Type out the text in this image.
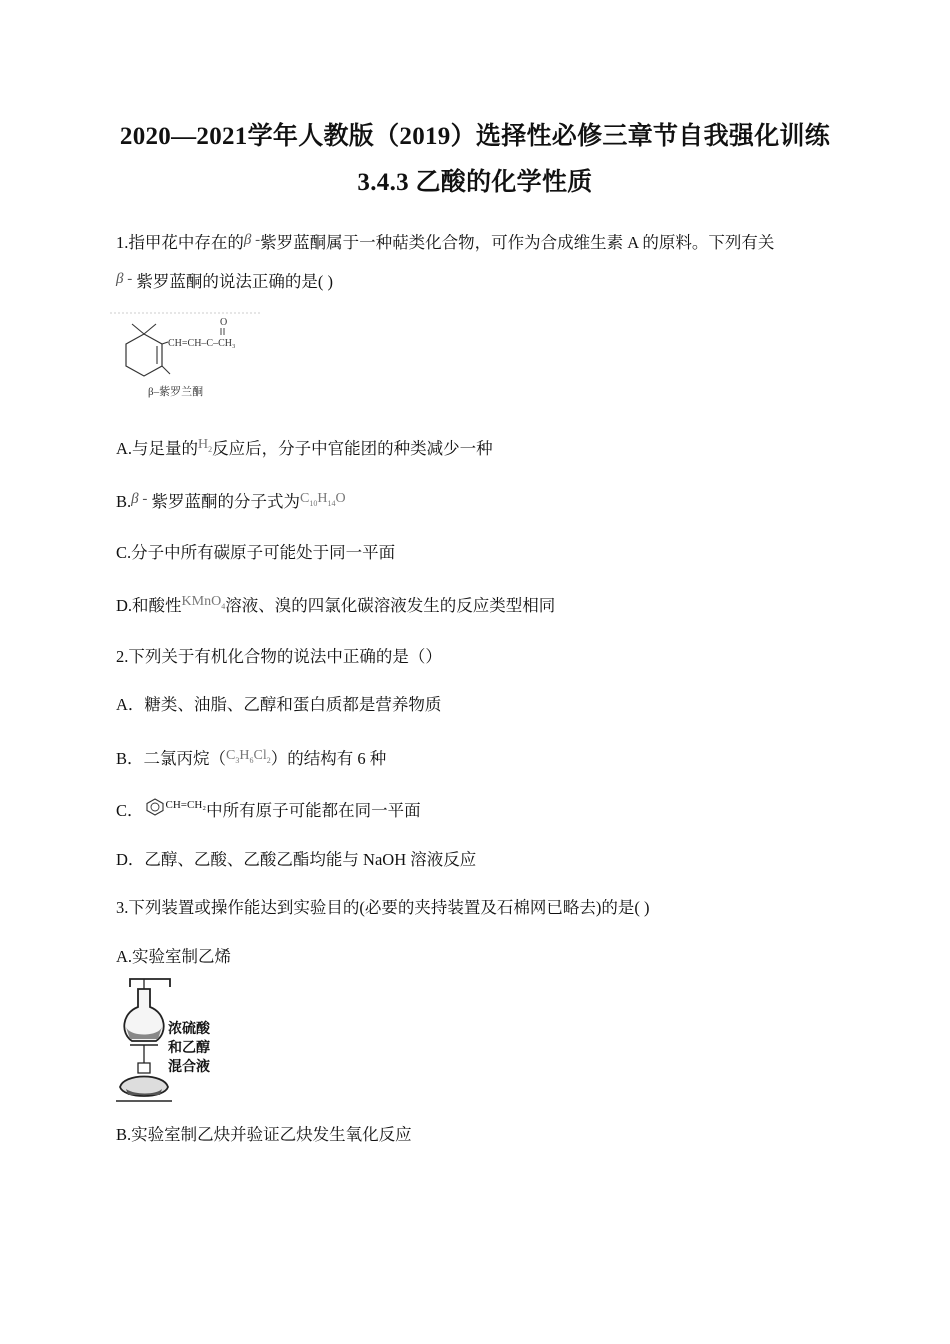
2020—2021学年人教版（2019）选择性必修三章节自我强化训练
3.4.3 乙酸的化学性质
1.指甲花中存在的β -紫罗蓝酮属于一种萜类化合物，可作为合成维生素 A 的原料。下列有关
β - 紫罗蓝酮的说法正确的是( )
O
CH=CH–C–CH₃
β–紫罗兰酮
A.与足量的$^{H_2}$反应后，分子中官能团的种类减少一种
B.β - 紫罗蓝酮的分子式为$^{C_{10}H_{14}O}$
C.分子中所有碳原子可能处于同一平面
D.和酸性$^{KMnO_4}$溶液、溴的四氯化碳溶液发生的反应类型相同
2.下列关于有机化合物的说法中正确的是（）
A．糖类、油脂、乙醇和蛋白质都是营养物质
B．二氯丙烷（$^{C_3H_6Cl_2}$）的结构有 6 种
C． $^{CH=CH_2}$中所有原子可能都在同一平面
D．乙醇、乙酸、乙酸乙酯均能与 NaOH 溶液反应
3.下列装置或操作能达到实验目的(必要的夹持装置及石棉网已略去)的是( )
A.实验室制乙烯
浓硫酸
和乙醇
混合液
B.实验室制乙炔并验证乙炔发生氧化反应
